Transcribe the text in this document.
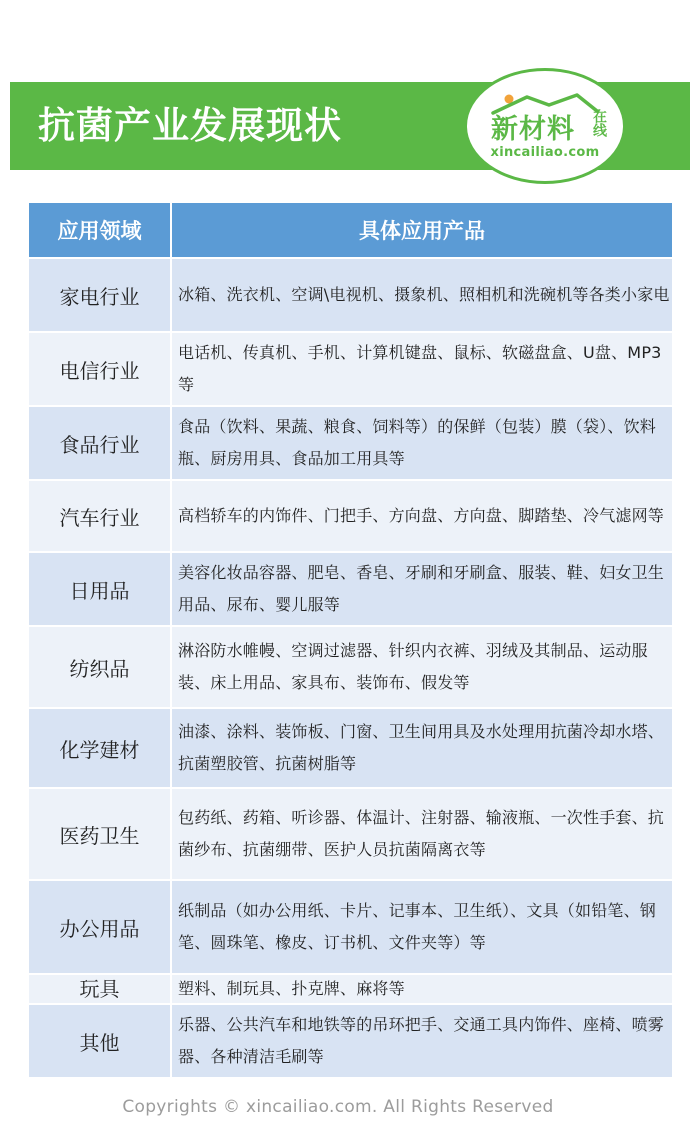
抗菌产业发展现状	新材料 在线
xincailiao.com
应用领域	具体应用产品
家电行业	冰箱、洗衣机、空调\电视机、摄象机、照相机和洗碗机等各类小家电
电信行业	电话机、传真机、手机、计算机键盘、鼠标、软磁盘盒、U盘、MP3等
食品行业	食品（饮料、果蔬、粮食、饲料等）的保鲜（包装）膜（袋）、饮料瓶、厨房用具、食品加工用具等
汽车行业	高档轿车的内饰件、门把手、方向盘、方向盘、脚踏垫、冷气滤网等
日用品	美容化妆品容器、肥皂、香皂、牙刷和牙刷盒、服装、鞋、妇女卫生用品、尿布、婴儿服等
纺织品	淋浴防水帷幔、空调过滤器、针织内衣裤、羽绒及其制品、运动服装、床上用品、家具布、装饰布、假发等
化学建材	油漆、涂料、装饰板、门窗、卫生间用具及水处理用抗菌冷却水塔、抗菌塑胶管、抗菌树脂等
医药卫生	包药纸、药箱、听诊器、体温计、注射器、输液瓶、一次性手套、抗菌纱布、抗菌绷带、医护人员抗菌隔离衣等
办公用品	纸制品（如办公用纸、卡片、记事本、卫生纸）、文具（如铅笔、钢笔、圆珠笔、橡皮、订书机、文件夹等）等
玩具	塑料、制玩具、扑克牌、麻将等
其他	乐器、公共汽车和地铁等的吊环把手、交通工具内饰件、座椅、喷雾器、各种清洁毛刷等
Copyrights © xincailiao.com. All Rights Reserved
